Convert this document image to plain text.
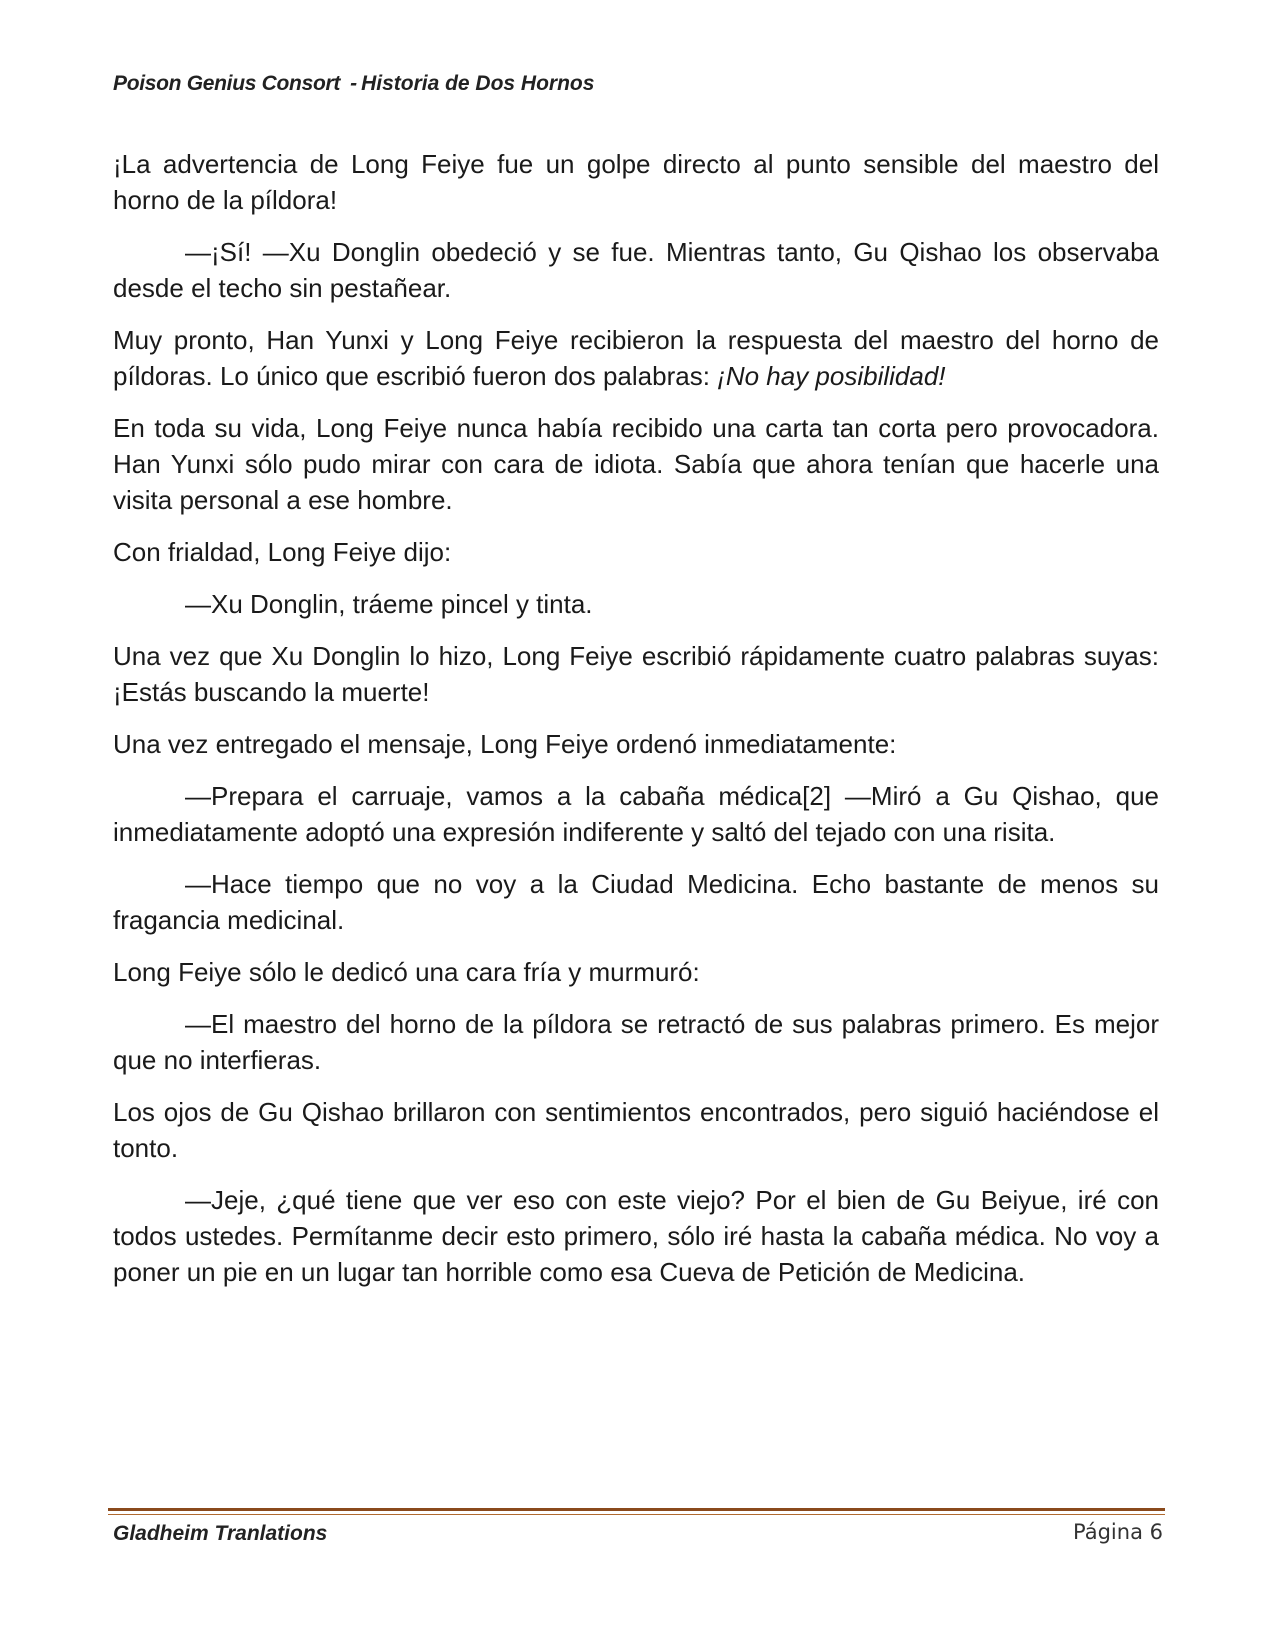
Poison Genius Consort - Historia de Dos Hornos

¡La advertencia de Long Feiye fue un golpe directo al punto sensible del maestro del horno de la píldora!

—¡Sí! —Xu Donglin obedeció y se fue. Mientras tanto, Gu Qishao los observaba desde el techo sin pestañear.

Muy pronto, Han Yunxi y Long Feiye recibieron la respuesta del maestro del horno de píldoras. Lo único que escribió fueron dos palabras: ¡No hay posibilidad!

En toda su vida, Long Feiye nunca había recibido una carta tan corta pero provocadora. Han Yunxi sólo pudo mirar con cara de idiota. Sabía que ahora tenían que hacerle una visita personal a ese hombre.

Con frialdad, Long Feiye dijo:

—Xu Donglin, tráeme pincel y tinta.

Una vez que Xu Donglin lo hizo, Long Feiye escribió rápidamente cuatro palabras suyas: ¡Estás buscando la muerte!

Una vez entregado el mensaje, Long Feiye ordenó inmediatamente:

—Prepara el carruaje, vamos a la cabaña médica[2] —Miró a Gu Qishao, que inmediatamente adoptó una expresión indiferente y saltó del tejado con una risita.

—Hace tiempo que no voy a la Ciudad Medicina. Echo bastante de menos su fragancia medicinal.

Long Feiye sólo le dedicó una cara fría y murmuró:

—El maestro del horno de la píldora se retractó de sus palabras primero. Es mejor que no interfieras.

Los ojos de Gu Qishao brillaron con sentimientos encontrados, pero siguió haciéndose el tonto.

—Jeje, ¿qué tiene que ver eso con este viejo? Por el bien de Gu Beiyue, iré con todos ustedes. Permítanme decir esto primero, sólo iré hasta la cabaña médica. No voy a poner un pie en un lugar tan horrible como esa Cueva de Petición de Medicina.

Gladheim Tranlations	Página 6
